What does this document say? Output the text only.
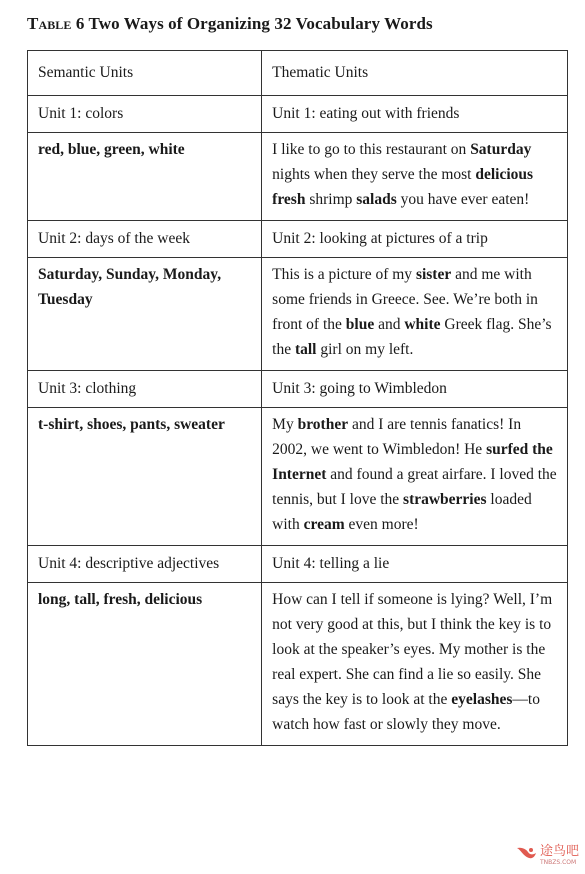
Table 6 Two Ways of Organizing 32 Vocabulary Words
Semantic Units	Thematic Units
Unit 1: colors	Unit 1: eating out with friends
red, blue, green, white	I like to go to this restaurant on Saturday nights when they serve the most delicious fresh shrimp salads you have ever eaten!
Unit 2: days of the week	Unit 2: looking at pictures of a trip
Saturday, Sunday, Monday, Tuesday	This is a picture of my sister and me with some friends in Greece. See. We’re both in front of the blue and white Greek flag. She’s the tall girl on my left.
Unit 3: clothing	Unit 3: going to Wimbledon
t-shirt, shoes, pants, sweater	My brother and I are tennis fanatics! In 2002, we went to Wimbledon! He surfed the Internet and found a great airfare. I loved the tennis, but I love the strawberries loaded with cream even more!
Unit 4: descriptive adjectives	Unit 4: telling a lie
long, tall, fresh, delicious	How can I tell if someone is lying? Well, I’m not very good at this, but I think the key is to look at the speaker’s eyes. My mother is the real expert. She can find a lie so easily. She says the key is to look at the eyelashes—to watch how fast or slowly they move.
途鸟吧
TNBZS.COM
